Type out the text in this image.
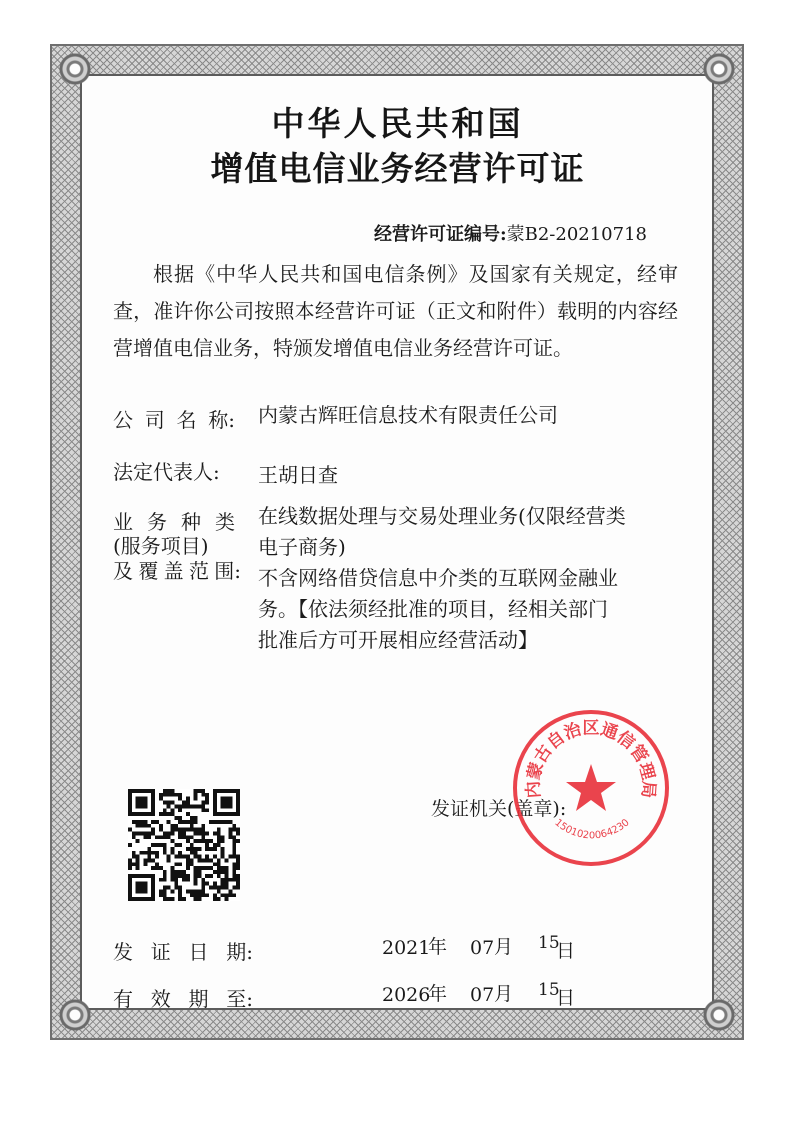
中华人民共和国
增值电信业务经营许可证
经营许可证编号:蒙B2-20210718
根据《中华人民共和国电信条例》及国家有关规定，经审查，准许你公司按照本经营许可证（正文和附件）载明的内容经营增值电信业务，特颁发增值电信业务经营许可证。
公 司 名 称: 内蒙古辉旺信息技术有限责任公司
法定代表人:	王胡日查
业 务 种 类
(服务项目)
及 覆 盖 范 围:
在线数据处理与交易处理业务(仅限经营类
电子商务)
不含网络借贷信息中介类的互联网金融业
务。【依法须经批准的项目，经相关部门
批准后方可开展相应经营活动】
发证机关(盖章):
内蒙古自治区通信管理局
1501020064230
发 证 日 期:	2021
年 07 月 15
日
有 效 期 至:	2026
年 07 月 15
日
